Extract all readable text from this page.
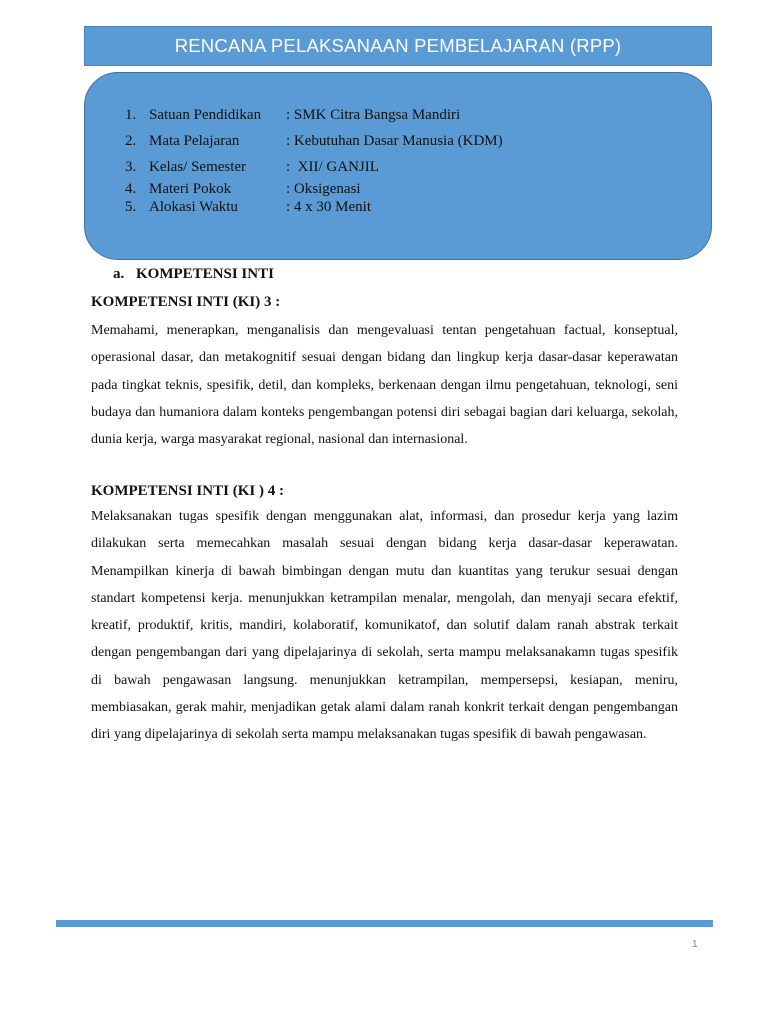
RENCANA PELAKSANAAN PEMBELAJARAN (RPP)
1. Satuan Pendidikan	: SMK Citra Bangsa Mandiri
2. Mata Pelajaran	: Kebutuhan Dasar Manusia (KDM)
3. Kelas/ Semester	:  XII/ GANJIL
4. Materi Pokok	: Oksigenasi
5. Alokasi Waktu	: 4 x 30 Menit
a. KOMPETENSI INTI
KOMPETENSI INTI (KI) 3 :

Memahami, menerapkan, menganalisis dan mengevaluasi tentan pengetahuan factual, konseptual, operasional dasar, dan metakognitif sesuai dengan bidang dan lingkup kerja dasar-dasar keperawatan pada tingkat teknis, spesifik, detil, dan kompleks, berkenaan dengan ilmu pengetahuan, teknologi, seni budaya dan humaniora dalam konteks pengembangan potensi diri sebagai bagian dari keluarga, sekolah, dunia kerja, warga masyarakat regional, nasional dan internasional.

KOMPETENSI INTI (KI ) 4 :

Melaksanakan tugas spesifik dengan menggunakan alat, informasi, dan prosedur kerja yang lazim dilakukan serta memecahkan masalah sesuai dengan bidang kerja dasar-dasar keperawatan. Menampilkan kinerja di bawah bimbingan dengan mutu dan kuantitas yang terukur sesuai dengan standart kompetensi kerja. menunjukkan ketrampilan menalar, mengolah, dan menyaji secara efektif, kreatif, produktif, kritis, mandiri, kolaboratif, komunikatof, dan solutif dalam ranah abstrak terkait dengan pengembangan dari yang dipelajarinya di sekolah, serta mampu melaksanakamn tugas spesifik di bawah pengawasan langsung. menunjukkan ketrampilan, mempersepsi, kesiapan, meniru, membiasakan, gerak mahir, menjadikan getak alami dalam ranah konkrit terkait dengan pengembangan diri yang dipelajarinya di sekolah serta mampu melaksanakan tugas spesifik di bawah pengawasan.

1
